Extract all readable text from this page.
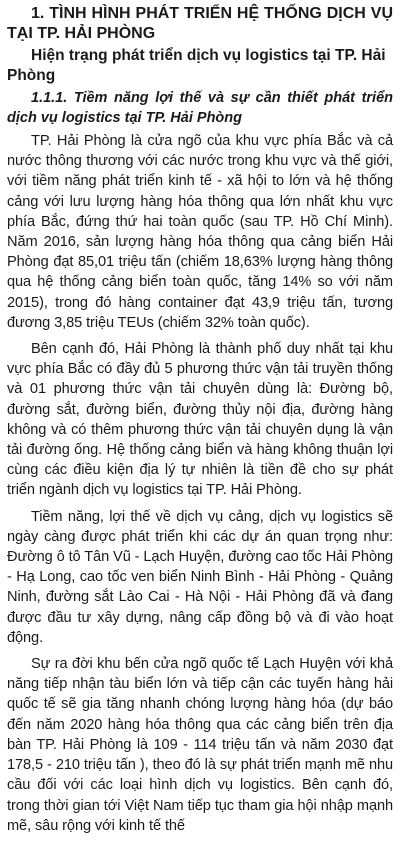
1. TÌNH HÌNH PHÁT TRIỂN HỆ THỐNG DỊCH VỤ TẠI TP. HẢI PHÒNG
Hiện trạng phát triển dịch vụ logistics tại TP. Hải Phòng
1.1.1. Tiềm năng lợi thế và sự cần thiết phát triển dịch vụ logistics tại TP. Hải Phòng

TP. Hải Phòng là cửa ngõ của khu vực phía Bắc và cả nước thông thương với các nước trong khu vực và thế giới, với tiềm năng phát triển kinh tế - xã hội to lớn và hệ thống cảng với lưu lượng hàng hóa thông qua lớn nhất khu vực phía Bắc, đứng thứ hai toàn quốc (sau TP. Hồ Chí Minh). Năm 2016, sản lượng hàng hóa thông qua cảng biển Hải Phòng đạt 85,01 triệu tấn (chiếm 18,63% lượng hàng thông qua hệ thống cảng biển toàn quốc, tăng 14% so với năm 2015), trong đó hàng container đạt 43,9 triệu tấn, tương đương 3,85 triệu TEUs (chiếm 32% toàn quốc).

Bên cạnh đó, Hải Phòng là thành phố duy nhất tại khu vực phía Bắc có đầy đủ 5 phương thức vận tải truyền thống và 01 phương thức vận tải chuyên dùng là: Đường bộ, đường sắt, đường biển, đường thủy nội địa, đường hàng không và có thêm phương thức vận tải chuyên dụng là vận tải đường ống. Hệ thống cảng biển và hàng không thuận lợi cùng các điều kiện địa lý tự nhiên là tiền đề cho sự phát triển ngành dịch vụ logistics tại TP. Hải Phòng.

Tiềm năng, lợi thế về dịch vụ cảng, dịch vụ logistics sẽ ngày càng được phát triển khi các dự án quan trọng như: Đường ô tô Tân Vũ - Lạch Huyện, đường cao tốc Hải Phòng - Hạ Long, cao tốc ven biển Ninh Bình - Hải Phòng - Quảng Ninh, đường sắt Lào Cai - Hà Nội - Hải Phòng đã và đang được đầu tư xây dựng, nâng cấp đồng bộ và đi vào hoạt động.

Sự ra đời khu bến cửa ngõ quốc tế Lạch Huyện với khả năng tiếp nhận tàu biển lớn và tiếp cận các tuyến hàng hải quốc tế sẽ gia tăng nhanh chóng lượng hàng hóa (dự báo đến năm 2020 hàng hóa thông qua các cảng biển trên địa bàn TP. Hải Phòng là 109 - 114 triệu tấn và năm 2030 đạt 178,5 - 210 triệu tấn ), theo đó là sự phát triển mạnh mẽ nhu cầu đối với các loại hình dịch vụ logistics. Bên cạnh đó, trong thời gian tới Việt Nam tiếp tục tham gia hội nhập mạnh mẽ, sâu rộng với kinh tế thế
